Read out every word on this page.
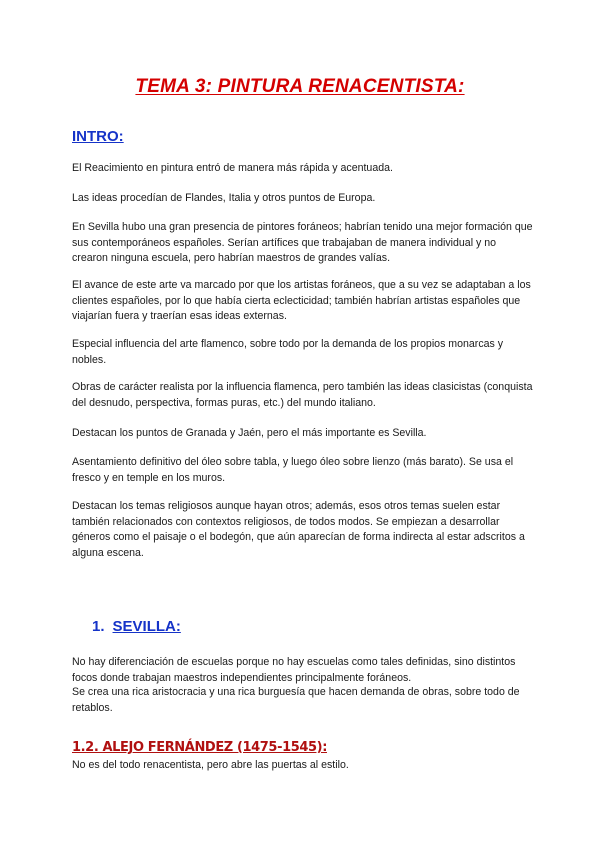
TEMA 3: PINTURA RENACENTISTA:
INTRO:
El Reacimiento en pintura entró de manera más rápida y acentuada.
Las ideas procedían de Flandes, Italia y otros puntos de Europa.
En Sevilla hubo una gran presencia de pintores foráneos; habrían tenido una mejor formación que sus contemporáneos españoles. Serían artífices que trabajaban de manera individual y no crearon ninguna escuela, pero habrían maestros de grandes valías.
El avance de este arte va marcado por que los artistas foráneos, que a su vez se adaptaban a los clientes españoles, por lo que había cierta eclecticidad; también habrían artistas españoles que viajarían fuera y traerían esas ideas externas.
Especial influencia del arte flamenco, sobre todo por la demanda de los propios monarcas y nobles.
Obras de carácter realista por la influencia flamenca, pero también las ideas clasicistas (conquista del desnudo, perspectiva, formas puras, etc.) del mundo italiano.
Destacan los puntos de Granada y Jaén, pero el más importante es Sevilla.
Asentamiento definitivo del óleo sobre tabla, y luego óleo sobre lienzo (más barato). Se usa el fresco y en temple en los muros.
Destacan los temas religiosos aunque hayan otros; además, esos otros temas suelen estar también relacionados con contextos religiosos, de todos modos. Se empiezan a desarrollar géneros como el paisaje o el bodegón, que aún aparecían de forma indirecta al estar adscritos a alguna escena.
1. SEVILLA:
No hay diferenciación de escuelas porque no hay escuelas como tales definidas, sino distintos focos donde trabajan maestros independientes principalmente foráneos.
Se crea una rica aristocracia y una rica burguesía que hacen demanda de obras, sobre todo de retablos.
1.2. ALEJO FERNÁNDEZ (1475-1545):
No es del todo renacentista, pero abre las puertas al estilo.
